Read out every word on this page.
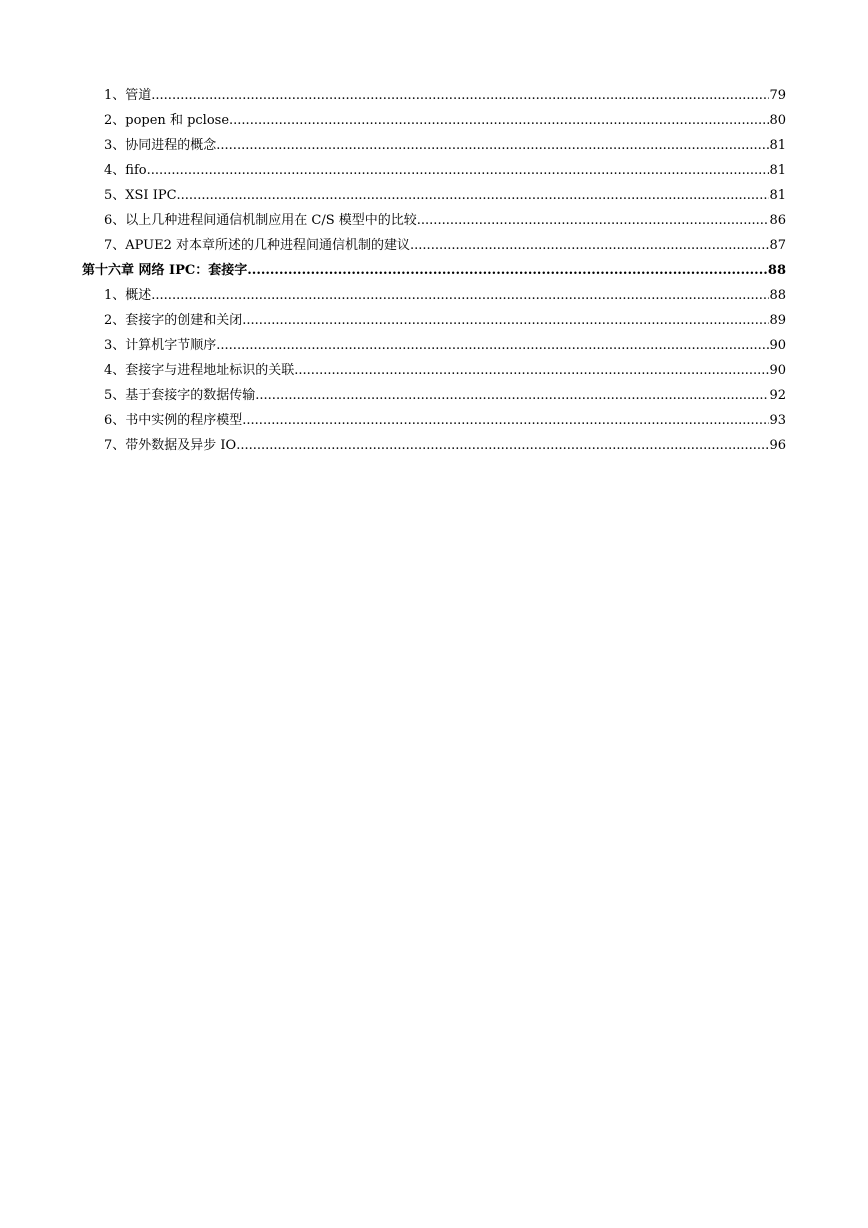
1、管道 .....	79
2、popen 和 pclose .....	80
3、协同进程的概念 .....	81
4、fifo .....	81
5、XSI IPC .....	81
6、以上几种进程间通信机制应用在 C/S 模型中的比较 .....	86
7、APUE2 对本章所述的几种进程间通信机制的建议 .....	87
第十六章 网络 IPC：套接字 .....	88
1、概述 .....	88
2、套接字的创建和关闭 .....	89
3、计算机字节顺序 .....	90
4、套接字与进程地址标识的关联 .....	90
5、基于套接字的数据传输 .....	92
6、书中实例的程序模型 .....	93
7、带外数据及异步 IO .....	96
